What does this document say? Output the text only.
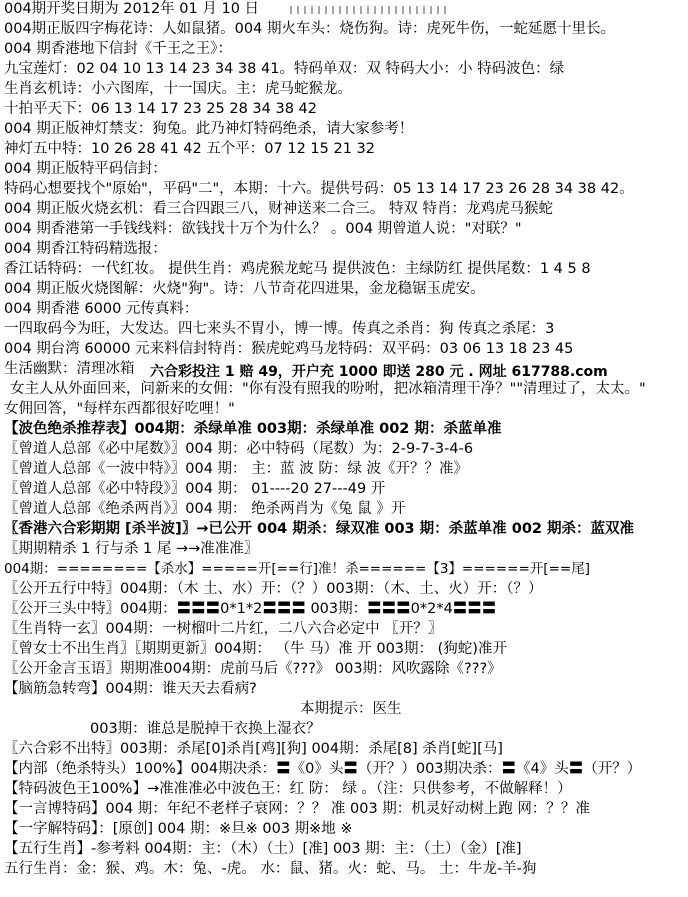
004期开奖日期为 2012年 01 月 10 日
004期正版四字梅花诗：人如鼠猪。004 期火车头：烧伤狗。诗：虎死牛伤，一蛇延愿十里长。
004 期香港地下信封《千王之王》：
九宝莲灯：02 04 10 13 14 23 34 38 41。特码单双：双 特码大小：小 特码波色：绿
生肖玄机诗：小六图库，十一国庆。主：虎马蛇猴龙。
十拍平天下：06 13 14 17 23 25 28 34 38 42
004 期正版神灯禁支：狗兔。此乃神灯特码绝杀，请大家参考！
神灯五中特：10 26 28 41 42 五个平：07 12 15 21 32
004 期正版特平码信封：
特码心想要找个"原始"，平码"二"，本期：十六。提供号码：05 13 14 17 23 26 28 34 38 42。
004 期正版火烧玄机：看三合四跟三八，财神送来二合三。 特双 特肖：龙鸡虎马猴蛇
004 期香港第一手钱线料：欲钱找十万个为什么？ 。004 期曾道人说："对联？"
004 期香江特码精选报：
香江话特码：一代红妆。 提供生肖：鸡虎猴龙蛇马 提供波色：主绿防红 提供尾数：1 4 5 8
004 期正版火烧图解：火烧"狗"。诗：八节奇花四进果，金龙稳锯玉虎安。
004 期香港 6000 元传真料：
一四取码今为旺，大发达。四七来头不胃小，博一博。传真之杀肖：狗 传真之杀尾：3
004 期台湾 60000 元来料信封特肖：猴虎蛇鸡马龙特码：双平码：03 06 13 18 23 45
生活幽默：清理冰箱 六合彩投注 1 赔 49，开户充 1000 即送 280 元 . 网址 617788.com
女主人从外面回来，问新来的女佣："你有没有照我的吩咐，把冰箱清理干净？""清理过了，太太。"
女佣回答，"每样东西都很好吃哩！"
【波色绝杀推荐表】004期：杀绿单准 003期：杀绿单准 002 期：杀蓝单准
〖曾道人总部《必中尾数》〗004 期：必中特码（尾数）为：2-9-7-3-4-6
〖曾道人总部《一波中特》〗004 期： 主：蓝 波 防：绿 波《开？？准》
〖曾道人总部《必中特段》〗004 期： 01----20 27---49 开
〖曾道人总部《绝杀两肖》〗004 期： 绝杀两肖为《兔 鼠 》开
〖香港六合彩期期 [杀半波]〗→已公开 004 期杀：绿双准 003 期：杀蓝单准 002 期杀：蓝双准
〖期期精杀 1 行与杀 1 尾 →→准准准〗
004期：========【杀水】=====开[==行]准！杀======【3】======开[==尾]
〖公开五行中特〗004期：（木 土、水）开：（？）003期：（木、土、火）开：（？）
〖公开三头中特〗004期：〓〓〓0*1*2〓〓〓 003期：〓〓〓0*2*4〓〓〓
〖生肖特一玄〗004期：一树榴叶二片红，二八六合必定中 〖开？〗
〖曾女士不出生肖〗〖期期更新〗004期： （牛 马）准 开 003期： (狗蛇)准开
〖公开金言玉语〗期期准004期：虎前马后《???》 003期：风吹露除《???》
【脑筋急转弯】004期：谁天天去看病?
本期提示：医生
003期：谁总是脱掉干衣换上湿衣？
〖六合彩不出特〗003期：杀尾[0]杀肖[鸡][狗] 004期：杀尾[8] 杀肖[蛇][马]
【内部（绝杀特头）100%】004期决杀：〓《0》头〓（开？）003期决杀：〓《4》头〓（开？）
【特码波色王100%】→准准准必中波色王：红 防： 绿 。（注：只供参考，不做解释！）
【一言博特码】004 期：年纪不老样子衰网：？？ 准 003 期：机灵好动树上跑 网：？？准
【一字解特码】：[原创] 004 期：※旦※ 003 期※地 ※
【五行生肖】-参考料 004期：主：（木）（土）[准] 003 期：主：（土）（金）[准]
五行生肖：金：猴、鸡。木：兔、-虎。 水：鼠、猪。火：蛇、马。 土：牛龙-羊-狗
